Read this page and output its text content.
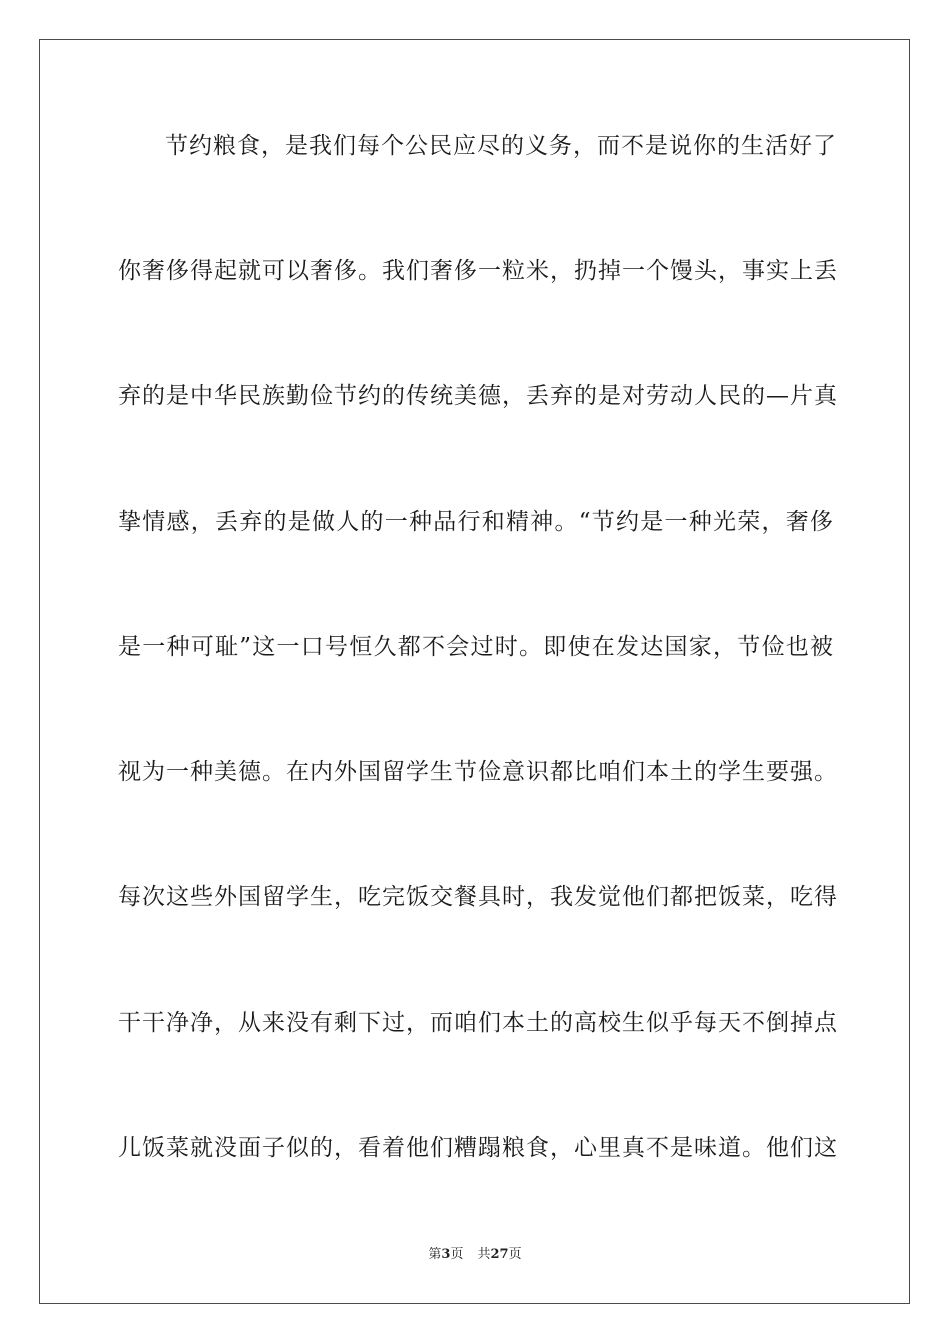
节约粮食，是我们每个公民应尽的义务，而不是说你的生活好了
你奢侈得起就可以奢侈。我们奢侈一粒米，扔掉一个馒头，事实上丢
弃的是中华民族勤俭节约的传统美德，丢弃的是对劳动人民的—片真
挚情感，丢弃的是做人的一种品行和精神。“节约是一种光荣，奢侈
是一种可耻”这一口号恒久都不会过时。即使在发达国家，节俭也被
视为一种美德。在内外国留学生节俭意识都比咱们本土的学生要强。
每次这些外国留学生，吃完饭交餐具时，我发觉他们都把饭菜，吃得
干干净净，从来没有剩下过，而咱们本土的高校生似乎每天不倒掉点
儿饭菜就没面子似的，看着他们糟蹋粮食，心里真不是味道。他们这
第3页 共27页
